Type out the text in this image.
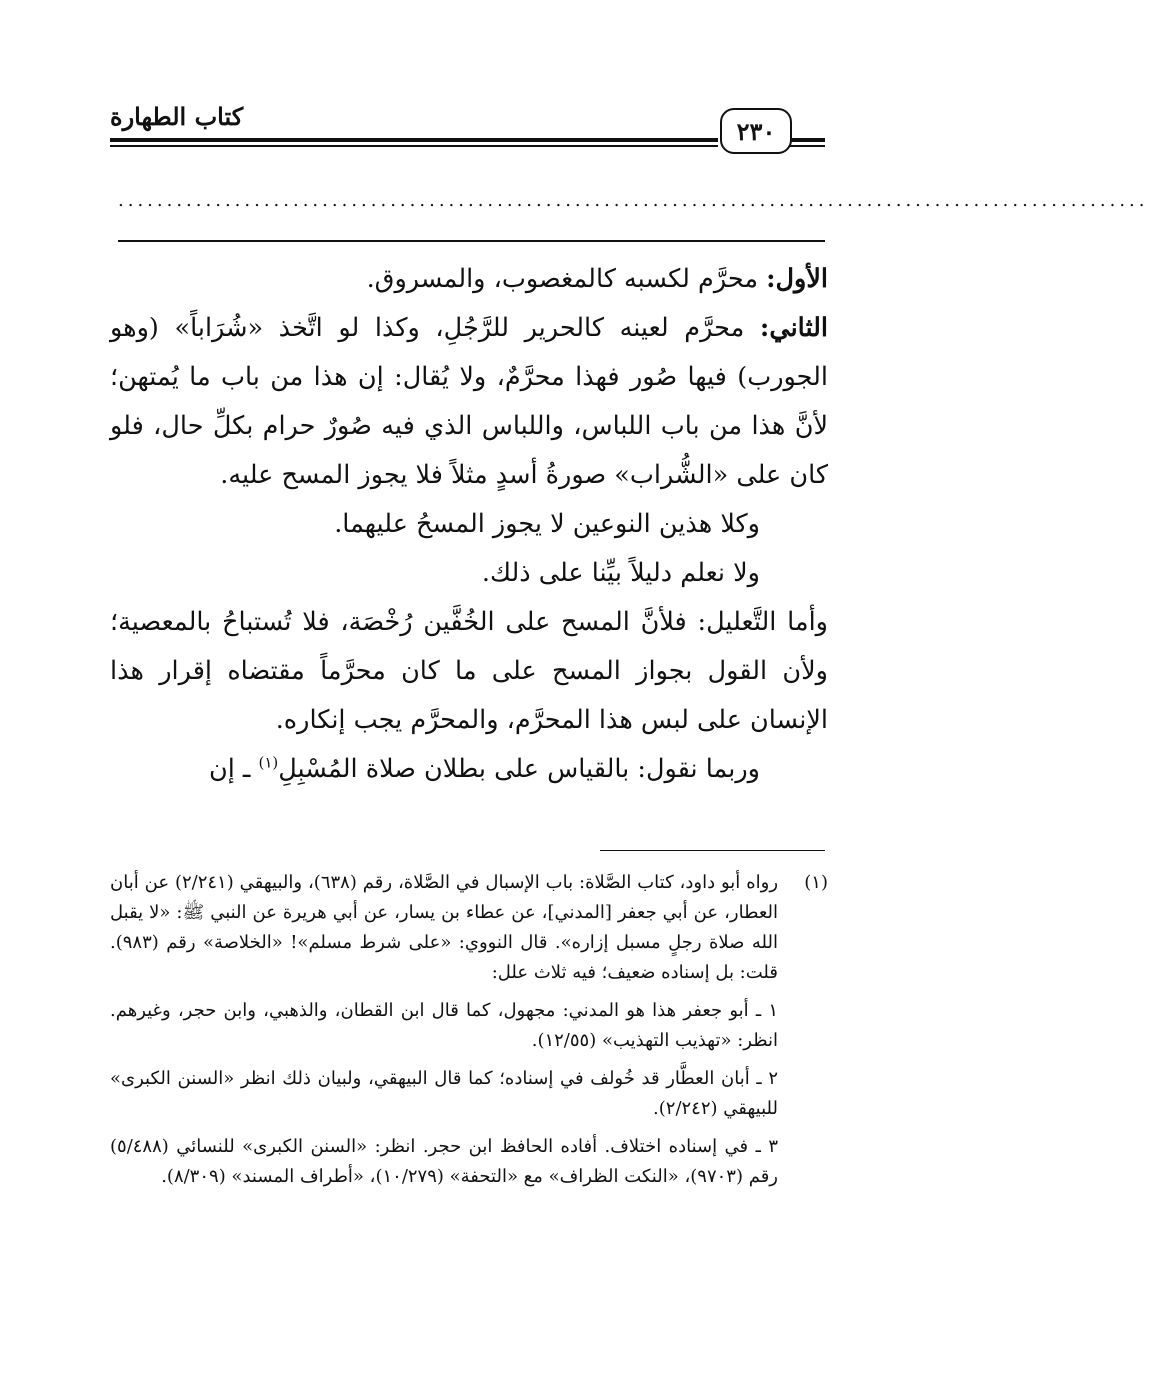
كتاب الطهارة	٢٣٠
..........................................................................................................

الأول: محرَّم لكسبه كالمغصوب، والمسروق.

الثاني: محرَّم لعينه كالحرير للرَّجُلِ، وكذا لو اتَّخذ «شُرَاباً» (وهو الجورب) فيها صُور فهذا محرَّمٌ، ولا يُقال: إن هذا من باب ما يُمتهن؛ لأنَّ هذا من باب اللباس، واللباس الذي فيه صُورٌ حرام بكلِّ حال، فلو كان على «الشُّراب» صورةُ أسدٍ مثلاً فلا يجوز المسح عليه.

وكلا هذين النوعين لا يجوز المسحُ عليهما.

ولا نعلم دليلاً بيِّنا على ذلك.

وأما التَّعليل: فلأنَّ المسح على الخُفَّين رُخْصَة، فلا تُستباحُ بالمعصية؛ ولأن القول بجواز المسح على ما كان محرَّماً مقتضاه إقرار هذا الإنسان على لبس هذا المحرَّم، والمحرَّم يجب إنكاره.

وربما نقول: بالقياس على بطلان صلاة المُسْبِلِ$^{(١)}$ ـ إن

(١)

رواه أبو داود، كتاب الصَّلاة: باب الإسبال في الصَّلاة، رقم (٦٣٨)، والبيهقي (٢/٢٤١) عن أبان العطار، عن أبي جعفر [المدني]، عن عطاء بن يسار، عن أبي هريرة عن النبي ﷺ: «لا يقبل الله صلاة رجلٍ مسبل إزاره». قال النووي: «على شرط مسلم»! «الخلاصة» رقم (٩٨٣). قلت: بل إسناده ضعيف؛ فيه ثلاث علل:

١ ـ أبو جعفر هذا هو المدني: مجهول، كما قال ابن القطان، والذهبي، وابن حجر، وغيرهم. انظر: «تهذيب التهذيب» (١٢/٥٥).

٢ ـ أبان العطَّار قد خُولف في إسناده؛ كما قال البيهقي، ولبيان ذلك انظر «السنن الكبرى» للبيهقي (٢/٢٤٢).

٣ ـ في إسناده اختلاف. أفاده الحافظ ابن حجر. انظر: «السنن الكبرى» للنسائي (٥/٤٨٨) رقم (٩٧٠٣)، «النكت الظراف» مع «التحفة» (١٠/٢٧٩)، «أطراف المسند» (٨/٣٠٩).
